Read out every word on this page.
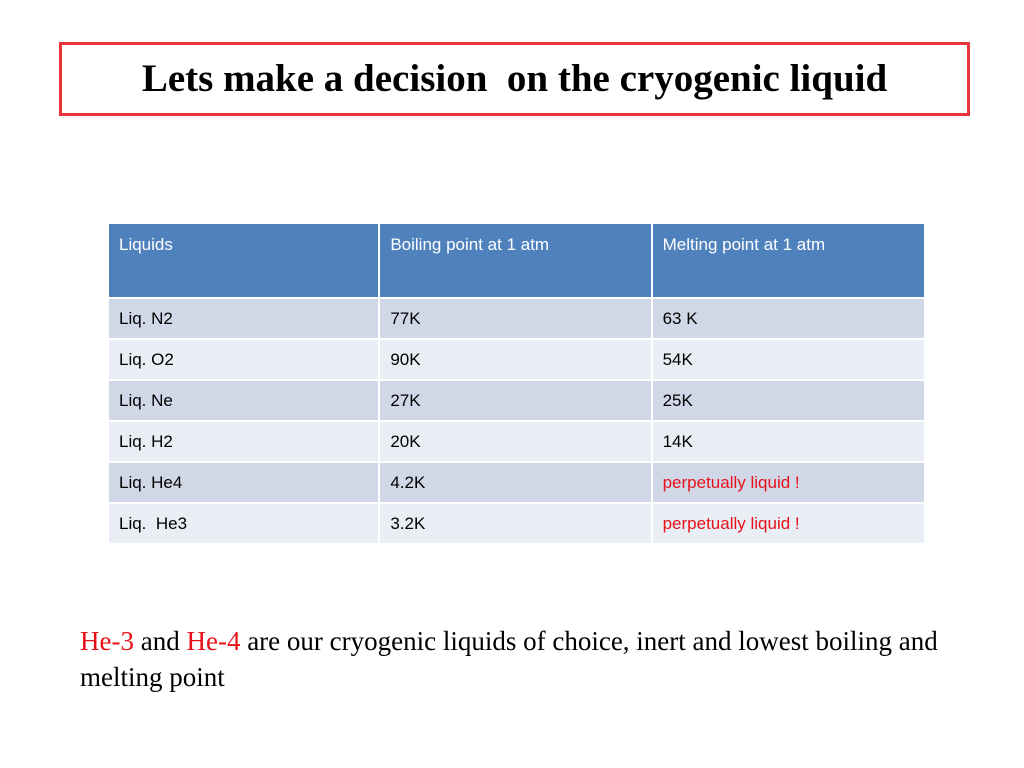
Lets make a decision  on the cryogenic liquid
Liquids	Boiling point at 1 atm	Melting point at 1 atm
Liq. N2	77K	63 K
Liq. O2	90K	54K
Liq. Ne	27K	25K
Liq. H2	20K	14K
Liq. He4	4.2K	perpetually liquid !
Liq.  He3	3.2K	perpetually liquid !
He-3 and He-4 are our cryogenic liquids of choice, inert and lowest boiling and melting point
